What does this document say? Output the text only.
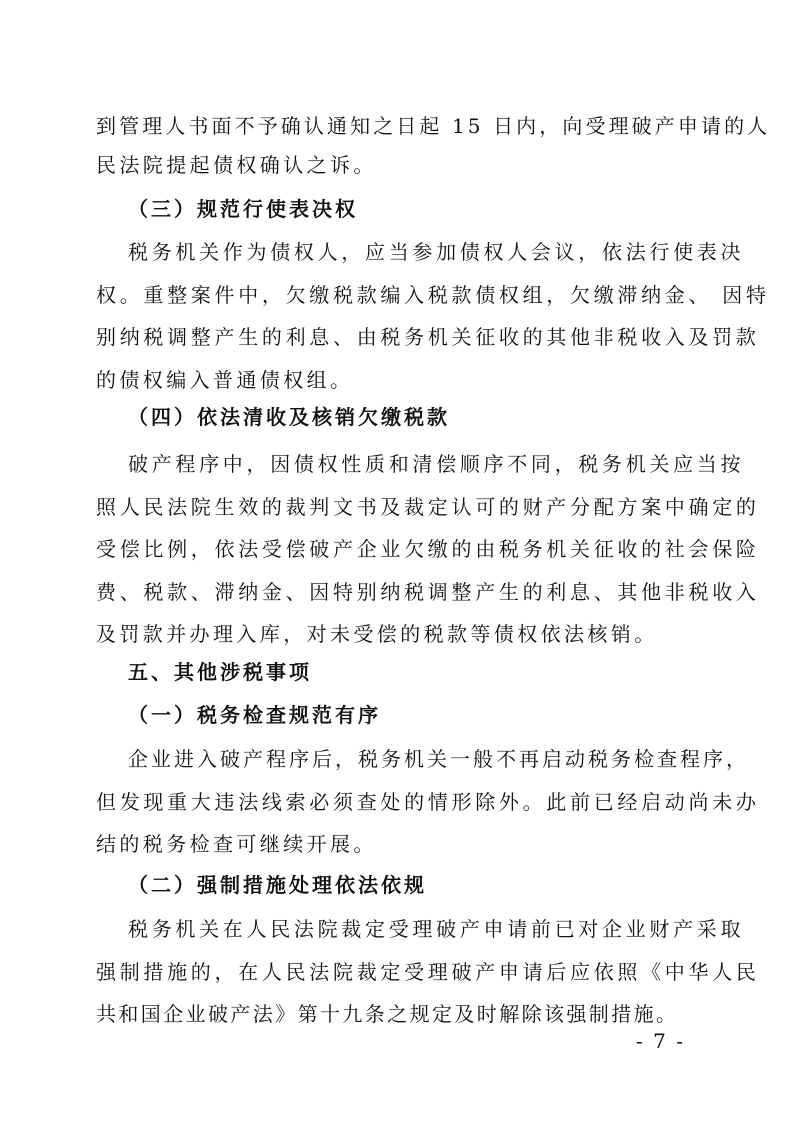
到管理人书面不予确认通知之日起 15 日内，向受理破产申请的人
民法院提起债权确认之诉。
（三）规范行使表决权
税务机关作为债权人，应当参加债权人会议，依法行使表决
权。重整案件中，欠缴税款编入税款债权组，欠缴滞纳金、 因特
别纳税调整产生的利息、由税务机关征收的其他非税收入及罚款
的债权编入普通债权组。
（四）依法清收及核销欠缴税款
破产程序中，因债权性质和清偿顺序不同，税务机关应当按
照人民法院生效的裁判文书及裁定认可的财产分配方案中确定的
受偿比例，依法受偿破产企业欠缴的由税务机关征收的社会保险
费、税款、滞纳金、因特别纳税调整产生的利息、其他非税收入
及罚款并办理入库，对未受偿的税款等债权依法核销。
五、其他涉税事项
（一）税务检查规范有序
企业进入破产程序后，税务机关一般不再启动税务检查程序，
但发现重大违法线索必须查处的情形除外。此前已经启动尚未办
结的税务检查可继续开展。
（二）强制措施处理依法依规
税务机关在人民法院裁定受理破产申请前已对企业财产采取
强制措施的，在人民法院裁定受理破产申请后应依照《中华人民
共和国企业破产法》第十九条之规定及时解除该强制措施。
- 7 -
